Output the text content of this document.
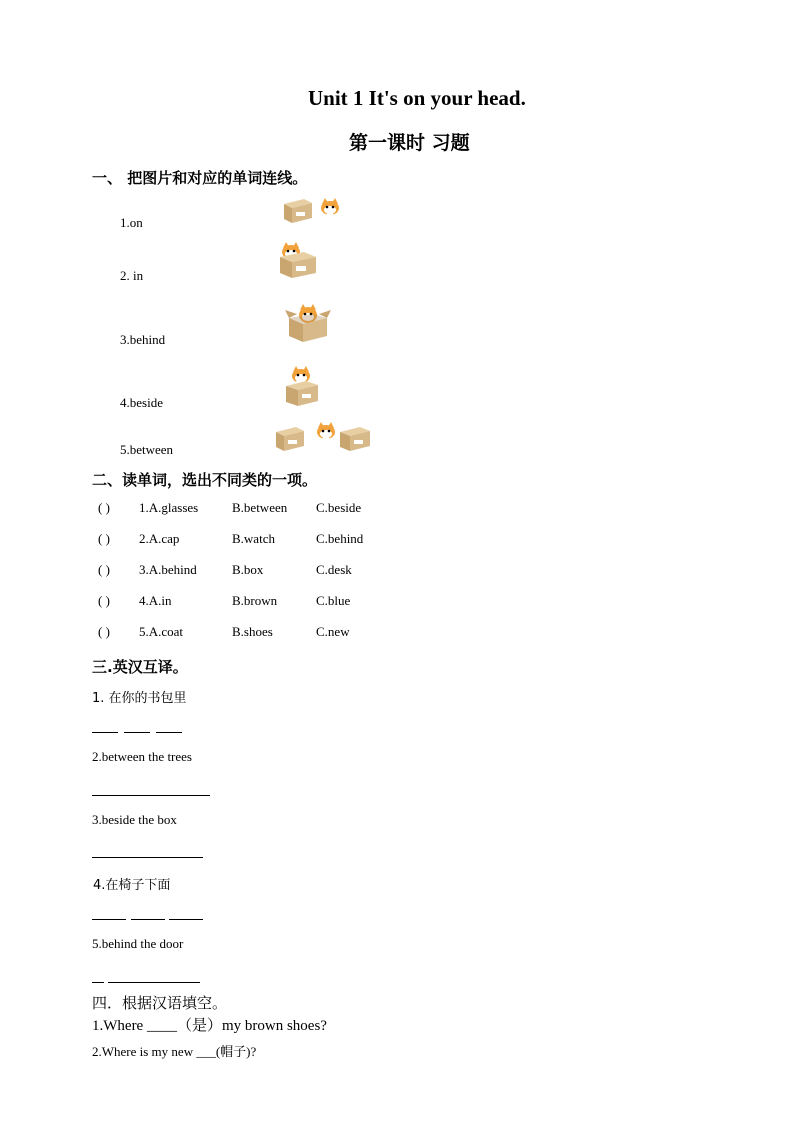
Unit 1 It's on your head.
第一课时 习题
一、 把图片和对应的单词连线。
1.on
2. in
3.behind
4.beside
5.between
二、读单词，选出不同类的一项。
( ) 1.A.glasses	B.between C.beside
( ) 2.A.cap	B.watch	C.behind
( ) 3.A.behind	B.box	C.desk
( ) 4.A.in	B.brown	C.blue
( ) 5.A.coat	B.shoes	C.new
三.英汉互译。
1. 在你的书包里
2.between the trees
3.beside the box
4.在椅子下面
5.behind the door
四．根据汉语填空。
1.Where ____（是）my brown shoes?
2.Where is my new ___(帽子)?
